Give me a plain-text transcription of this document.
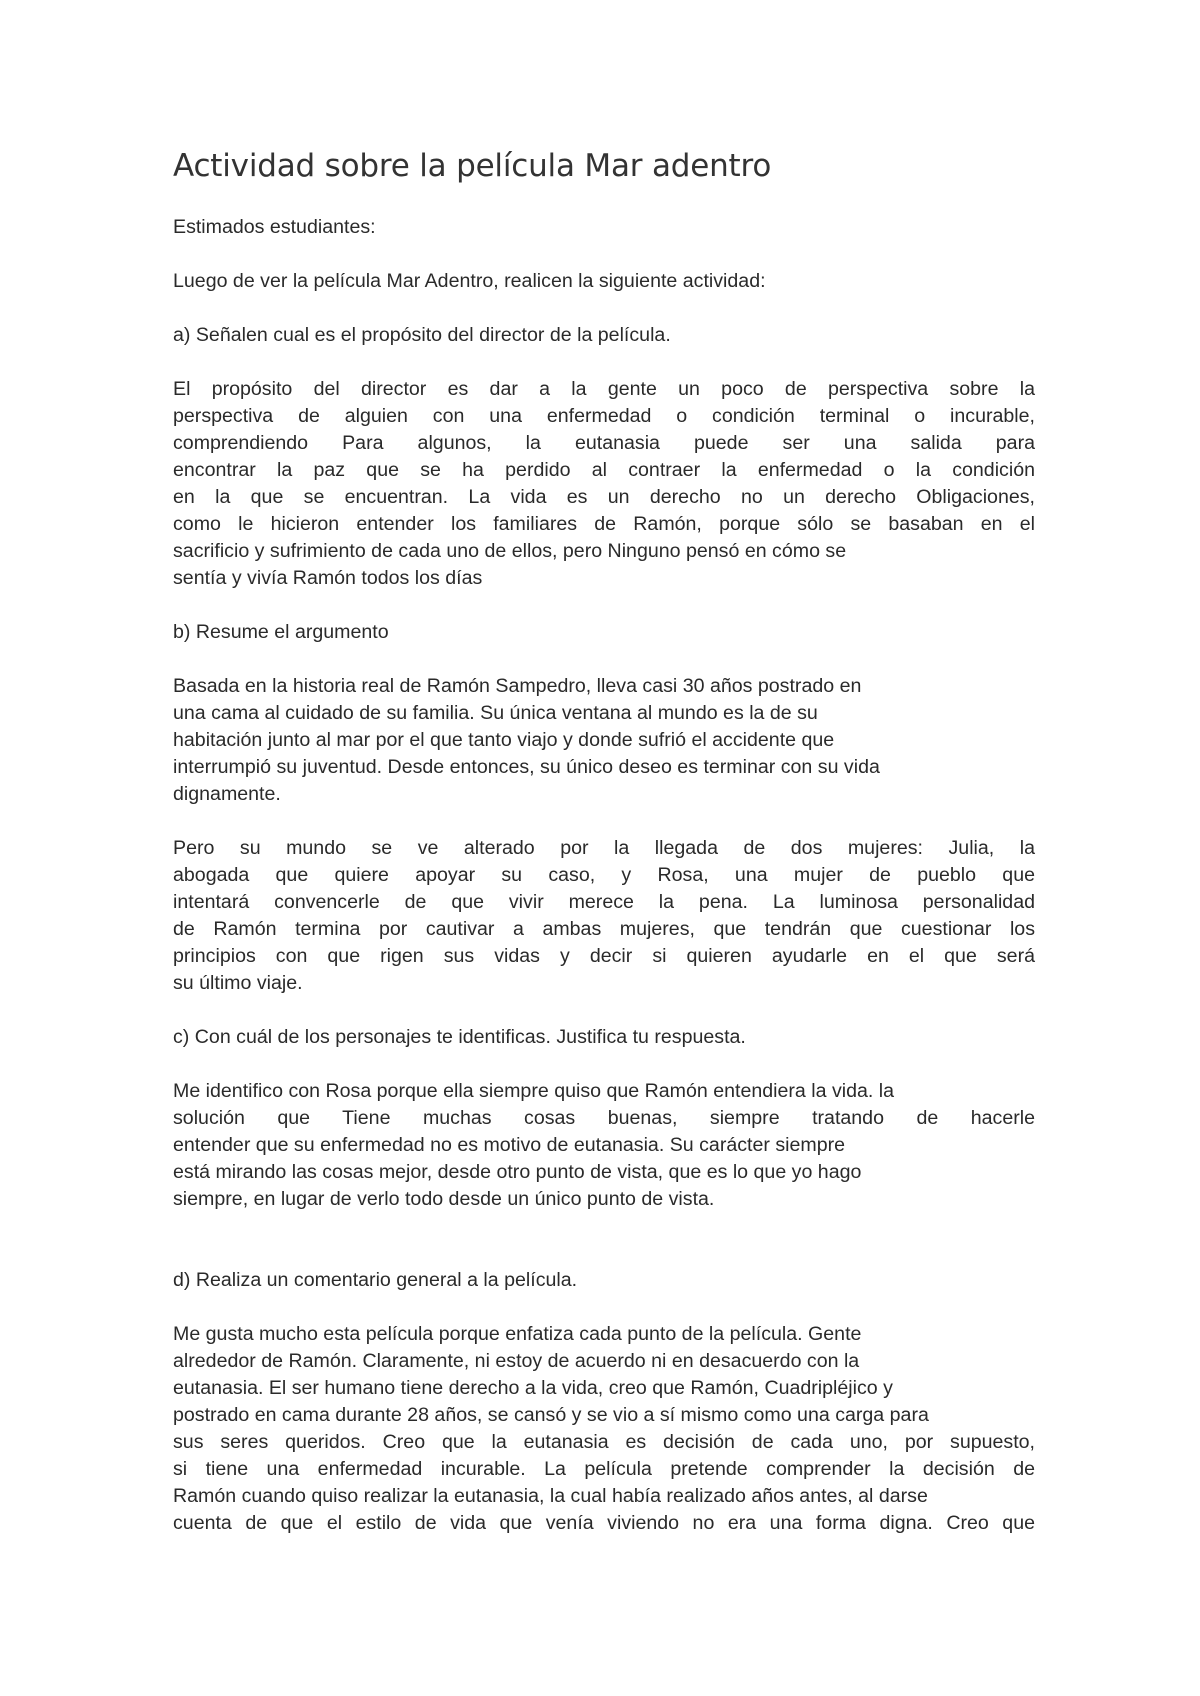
Actividad sobre la película Mar adentro

Estimados estudiantes:

Luego de ver la película Mar Adentro, realicen la siguiente actividad:

a) Señalen cual es el propósito del director de la película.

El propósito del director es dar a la gente un poco de perspectiva sobre la
perspectiva de alguien con una enfermedad o condición terminal o incurable,
comprendiendo Para algunos, la eutanasia puede ser una salida para
encontrar la paz que se ha perdido al contraer la enfermedad o la condición
en la que se encuentran. La vida es un derecho no un derecho Obligaciones,
como le hicieron entender los familiares de Ramón, porque sólo se basaban en el
sacrificio y sufrimiento de cada uno de ellos, pero Ninguno pensó en cómo se
sentía y vivía Ramón todos los días

b) Resume el argumento

Basada en la historia real de Ramón Sampedro, lleva casi 30 años postrado en
una cama al cuidado de su familia. Su única ventana al mundo es la de su
habitación junto al mar por el que tanto viajo y donde sufrió el accidente que
interrumpió su juventud. Desde entonces, su único deseo es terminar con su vida
dignamente.

Pero su mundo se ve alterado por la llegada de dos mujeres: Julia, la
abogada que quiere apoyar su caso, y Rosa, una mujer de pueblo que
intentará convencerle de que vivir merece la pena. La luminosa personalidad
de Ramón termina por cautivar a ambas mujeres, que tendrán que cuestionar los
principios con que rigen sus vidas y decir si quieren ayudarle en el que será
su último viaje.

c) Con cuál de los personajes te identificas. Justifica tu respuesta.

Me identifico con Rosa porque ella siempre quiso que Ramón entendiera la vida. la
solución que Tiene muchas cosas buenas, siempre tratando de hacerle
entender que su enfermedad no es motivo de eutanasia. Su carácter siempre
está mirando las cosas mejor, desde otro punto de vista, que es lo que yo hago
siempre, en lugar de verlo todo desde un único punto de vista.

d) Realiza un comentario general a la película.

Me gusta mucho esta película porque enfatiza cada punto de la película. Gente
alrededor de Ramón. Claramente, ni estoy de acuerdo ni en desacuerdo con la
eutanasia. El ser humano tiene derecho a la vida, creo que Ramón, Cuadripléjico y
postrado en cama durante 28 años, se cansó y se vio a sí mismo como una carga para
sus seres queridos. Creo que la eutanasia es decisión de cada uno, por supuesto,
si tiene una enfermedad incurable. La película pretende comprender la decisión de
Ramón cuando quiso realizar la eutanasia, la cual había realizado años antes, al darse
cuenta de que el estilo de vida que venía viviendo no era una forma digna. Creo que
